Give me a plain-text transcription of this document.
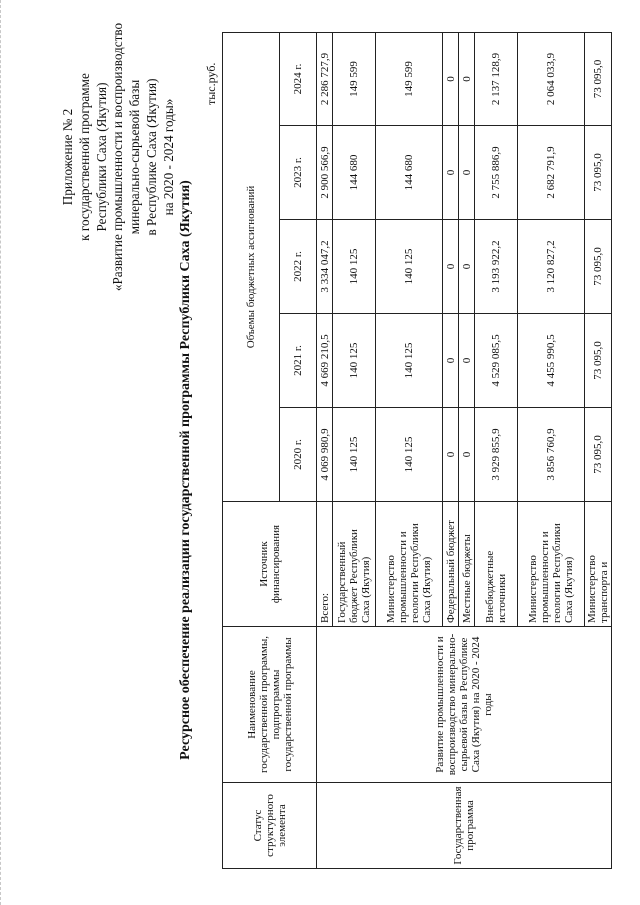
Приложение № 2 к государственной программе Республики Саха (Якутия) «Развитие промышленности и воспроизводство минерально-сырьевой базы в Республике Саха (Якутия) на 2020 - 2024 годы»
Ресурсное обеспечение реализации государственной программы Республики Саха (Якутия)
тыс.руб.
Статус структурного элемента	Наименование государственной программы, подпрограммы государственной программы	Источник финансирования	Объемы бюджетных ассигнований				
			2020 г.	2021 г.	2022 г.	2023 г.	2024 г.
Государственная программа	Развитие промышленности и воспроизводство минерально-сырьевой базы в Республике Саха (Якутия) на 2020 - 2024 годы	Всего:	4 069 980,9	4 669 210,5	3 334 047,2	2 900 566,9	2 286 727,9
		Государственный бюджет Республики Саха (Якутия)	140 125	140 125	140 125	144 680	149 599
		Министерство промышленности и геологии Республики Саха (Якутия)	140 125	140 125	140 125	144 680	149 599
		Федеральный бюджет	0	0	0	0	0
		Местные бюджеты	0	0	0	0	0
		Внебюджетные источники	3 929 855,9	4 529 085,5	3 193 922,2	2 755 886,9	2 137 128,9
		Министерство промышленности и геологии Республики Саха (Якутия)	3 856 760,9	4 455 990,5	3 120 827,2	2 682 791,9	2 064 033,9
		Министерство транспорта и	73 095,0	73 095,0	73 095,0	73 095,0	73 095,0
